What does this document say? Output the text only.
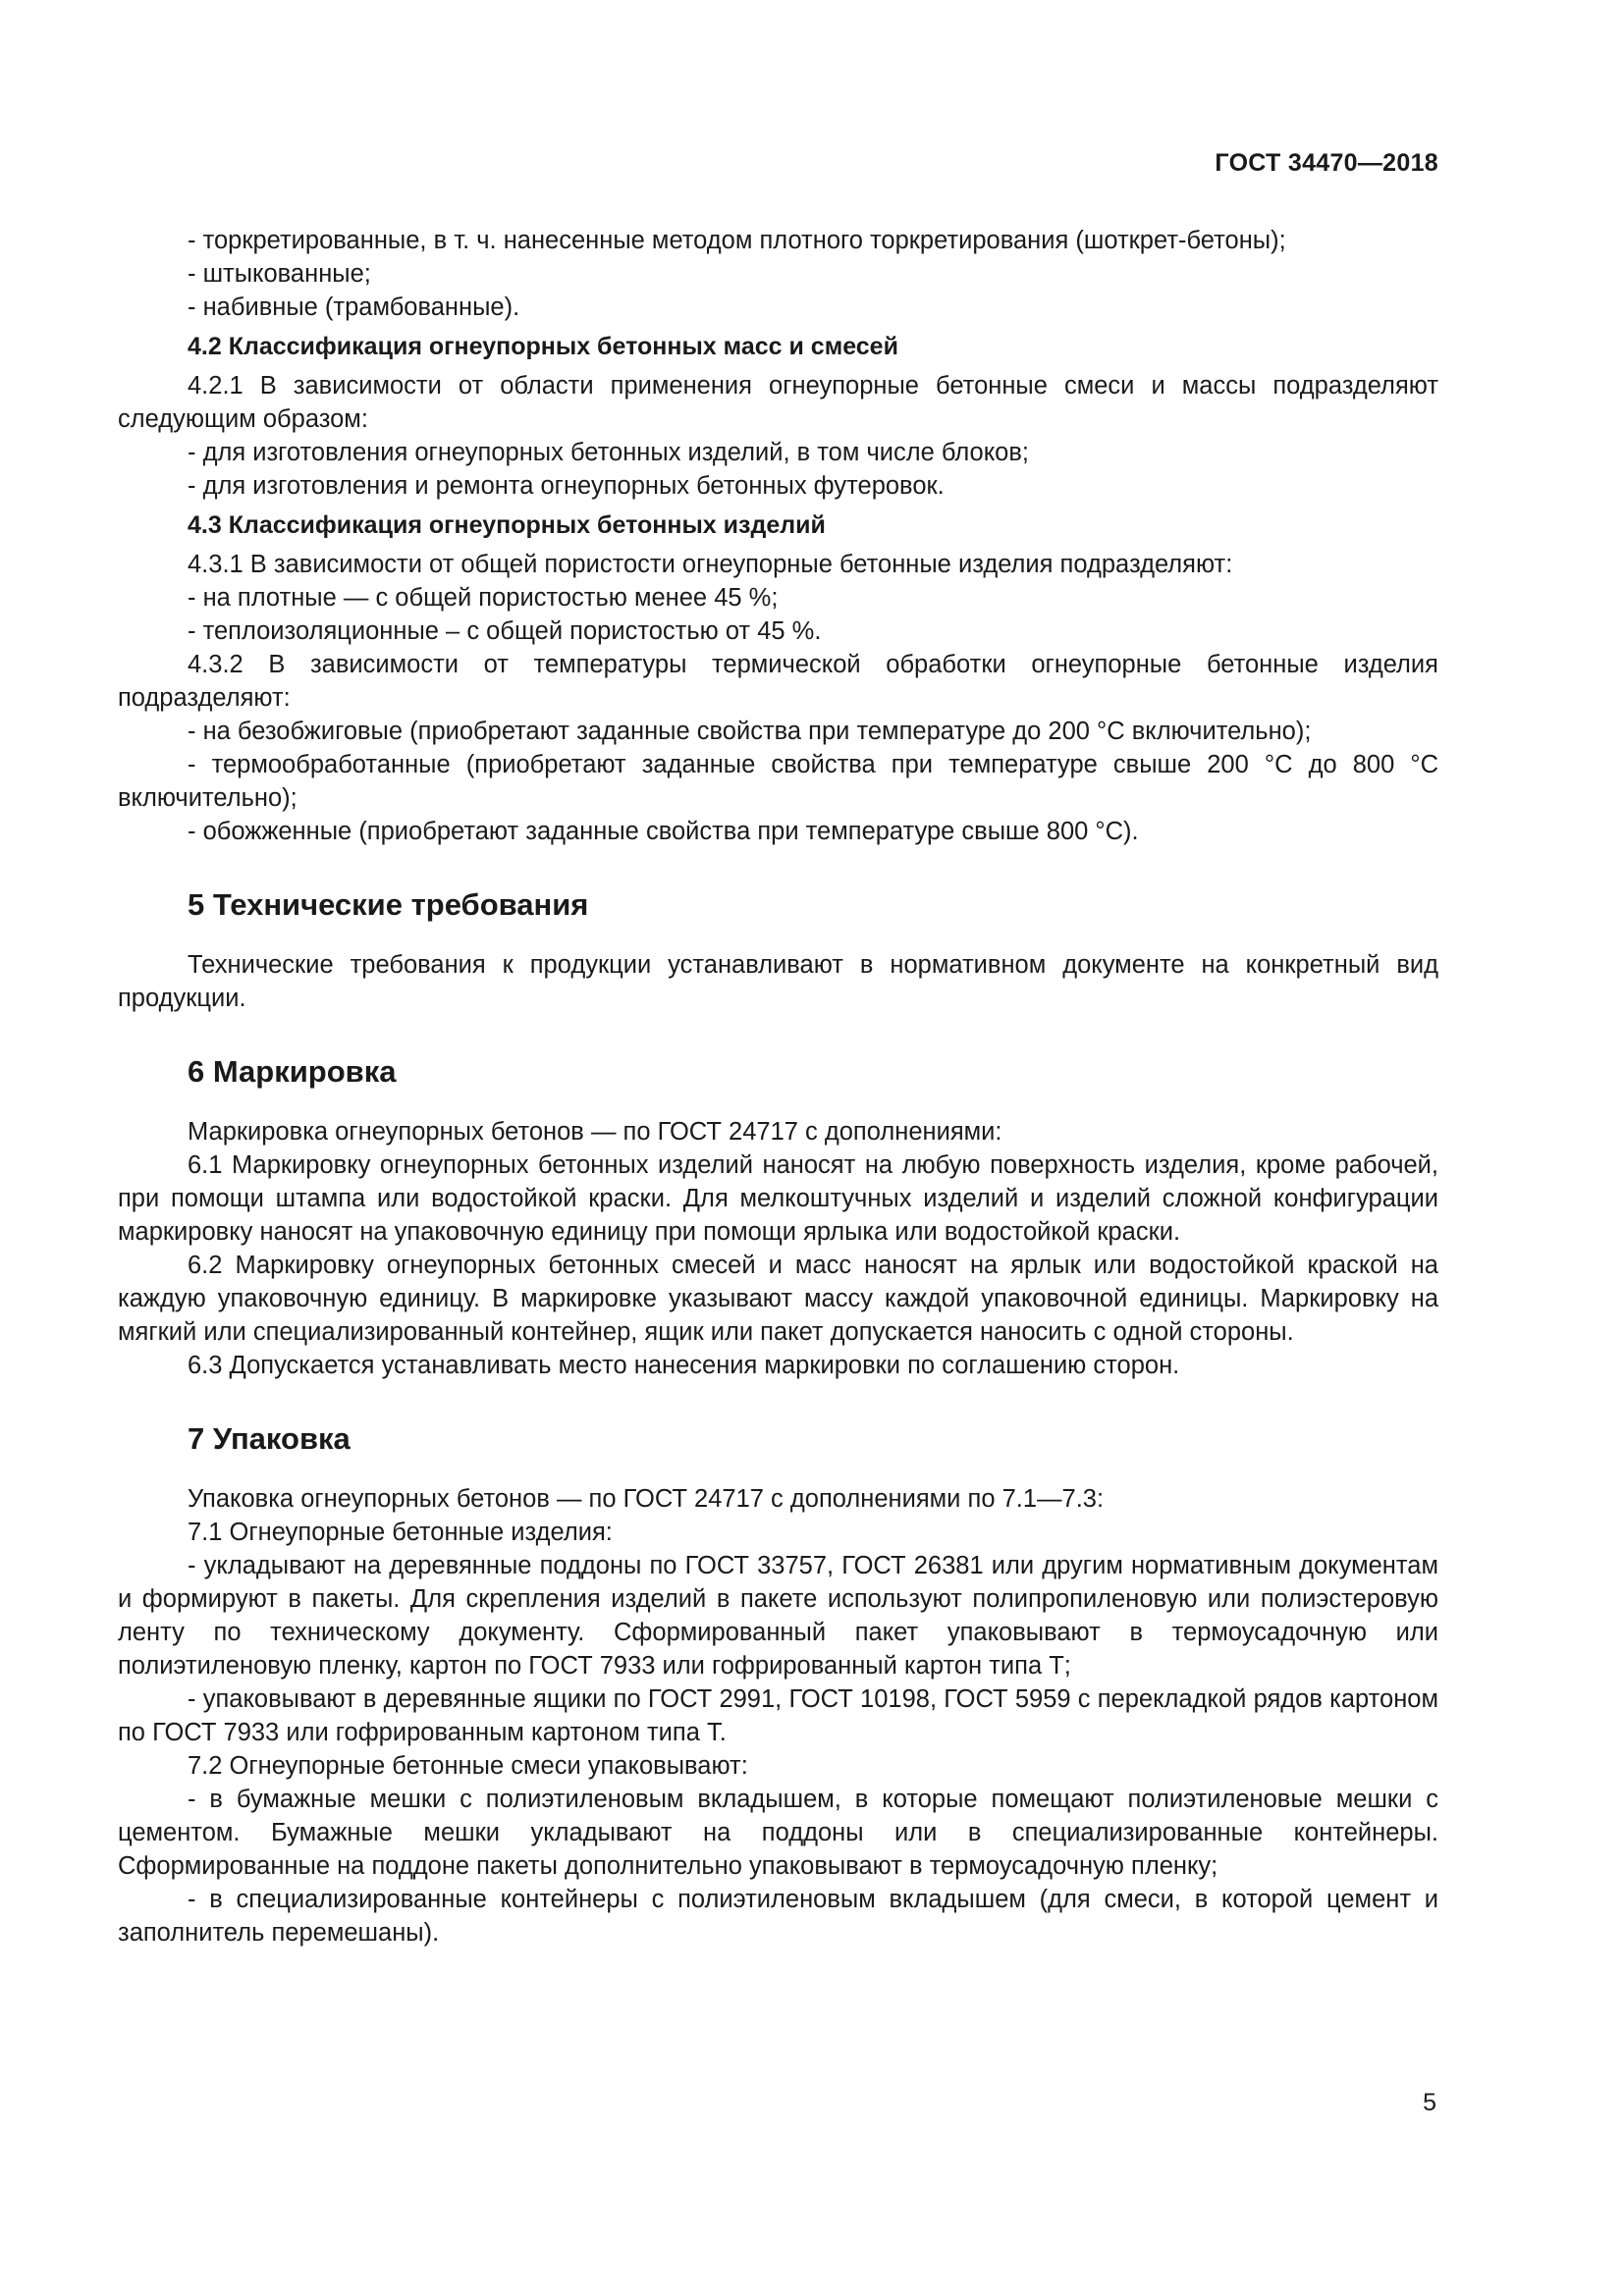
ГОСТ 34470—2018

- торкретированные, в т. ч. нанесенные методом плотного торкретирования (шоткрет-бетоны);

- штыкованные;

- набивные (трамбованные).

4.2 Классификация огнеупорных бетонных масс и смесей

4.2.1 В зависимости от области применения огнеупорные бетонные смеси и массы подразделяют следующим образом:

- для изготовления огнеупорных бетонных изделий, в том числе блоков;

- для изготовления и ремонта огнеупорных бетонных футеровок.

4.3 Классификация огнеупорных бетонных изделий

4.3.1 В зависимости от общей пористости огнеупорные бетонные изделия подразделяют:

- на плотные — с общей пористостью менее 45 %;

- теплоизоляционные – с общей пористостью от 45 %.

4.3.2 В зависимости от температуры термической обработки огнеупорные бетонные изделия подразделяют:

- на безобжиговые (приобретают заданные свойства при температуре до 200 °С включительно);

- термообработанные (приобретают заданные свойства при температуре свыше 200 °С до 800 °С включительно);

- обожженные (приобретают заданные свойства при температуре свыше 800 °С).

5 Технические требования

Технические требования к продукции устанавливают в нормативном документе на конкретный вид продукции.

6 Маркировка

Маркировка огнеупорных бетонов — по ГОСТ 24717 с дополнениями:

6.1 Маркировку огнеупорных бетонных изделий наносят на любую поверхность изделия, кроме рабочей, при помощи штампа или водостойкой краски. Для мелкоштучных изделий и изделий сложной конфигурации маркировку наносят на упаковочную единицу при помощи ярлыка или водостойкой краски.

6.2 Маркировку огнеупорных бетонных смесей и масс наносят на ярлык или водостойкой краской на каждую упаковочную единицу. В маркировке указывают массу каждой упаковочной единицы. Маркировку на мягкий или специализированный контейнер, ящик или пакет допускается наносить с одной стороны.

6.3 Допускается устанавливать место нанесения маркировки по соглашению сторон.

7 Упаковка

Упаковка огнеупорных бетонов — по ГОСТ 24717 с дополнениями по 7.1—7.3:

7.1 Огнеупорные бетонные изделия:

- укладывают на деревянные поддоны по ГОСТ 33757, ГОСТ 26381 или другим нормативным документам и формируют в пакеты. Для скрепления изделий в пакете используют полипропиленовую или полиэстеровую ленту по техническому документу. Сформированный пакет упаковывают в термоусадочную или полиэтиленовую пленку, картон по ГОСТ 7933 или гофрированный картон типа Т;

- упаковывают в деревянные ящики по ГОСТ 2991, ГОСТ 10198, ГОСТ 5959 с перекладкой рядов картоном по ГОСТ 7933 или гофрированным картоном типа Т.

7.2 Огнеупорные бетонные смеси упаковывают:

- в бумажные мешки с полиэтиленовым вкладышем, в которые помещают полиэтиленовые мешки с цементом. Бумажные мешки укладывают на поддоны или в специализированные контейнеры. Сформированные на поддоне пакеты дополнительно упаковывают в термоусадочную пленку;

- в специализированные контейнеры с полиэтиленовым вкладышем (для смеси, в которой цемент и заполнитель перемешаны).

5
